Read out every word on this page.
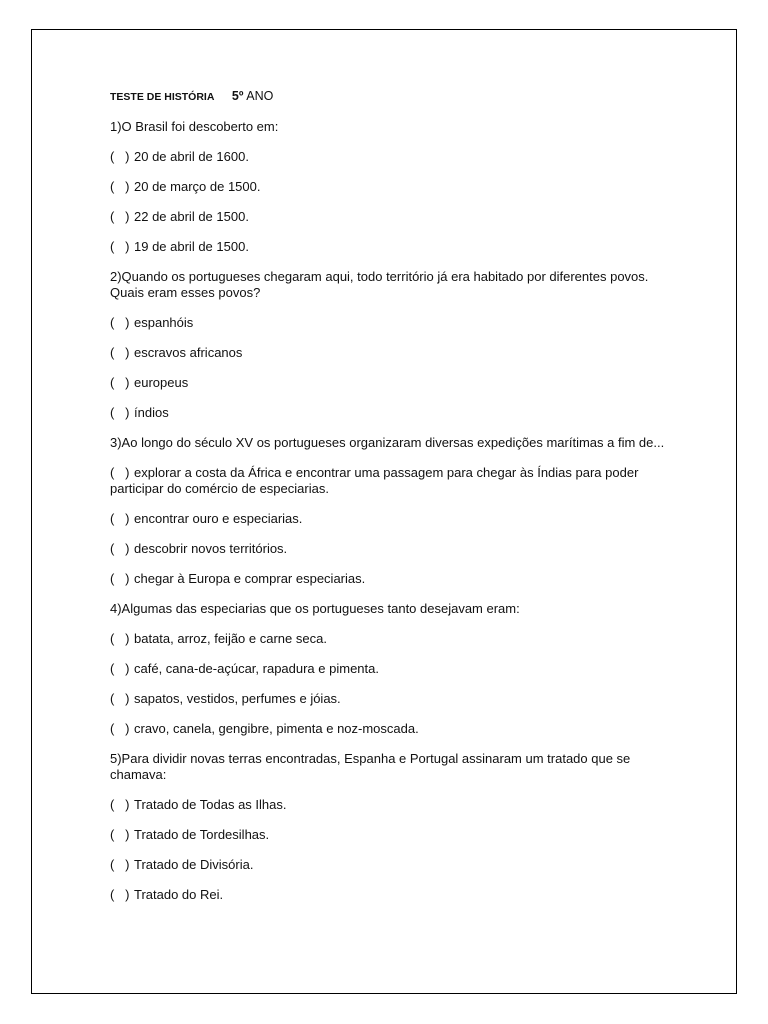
TESTE DE HISTÓRIA 5º ANO

1)O Brasil foi descoberto em:

(   ) 20 de abril de 1600.
(   ) 20 de março de 1500.
(   ) 22 de abril de 1500.
(   ) 19 de abril de 1500.

2)Quando os portugueses chegaram aqui, todo território já era habitado por diferentes povos. Quais eram esses povos?

(   ) espanhóis
(   ) escravos africanos
(   ) europeus
(   ) índios

3)Ao longo do século XV os portugueses organizaram diversas expedições marítimas a fim de...

(   ) explorar a costa da África e encontrar uma passagem para chegar às Índias para poder participar do comércio de especiarias.
(   ) encontrar ouro e especiarias.
(   ) descobrir novos territórios.
(   ) chegar à Europa e comprar especiarias.

4)Algumas das especiarias que os portugueses tanto desejavam eram:

(   ) batata, arroz, feijão e carne seca.
(   ) café, cana-de-açúcar, rapadura e pimenta.
(   ) sapatos, vestidos, perfumes e jóias.
(   ) cravo, canela, gengibre, pimenta e noz-moscada.

5)Para dividir novas terras encontradas, Espanha e Portugal assinaram um tratado que se chamava:

(   ) Tratado de Todas as Ilhas.
(   ) Tratado de Tordesilhas.
(   ) Tratado de Divisória.
(   ) Tratado do Rei.
